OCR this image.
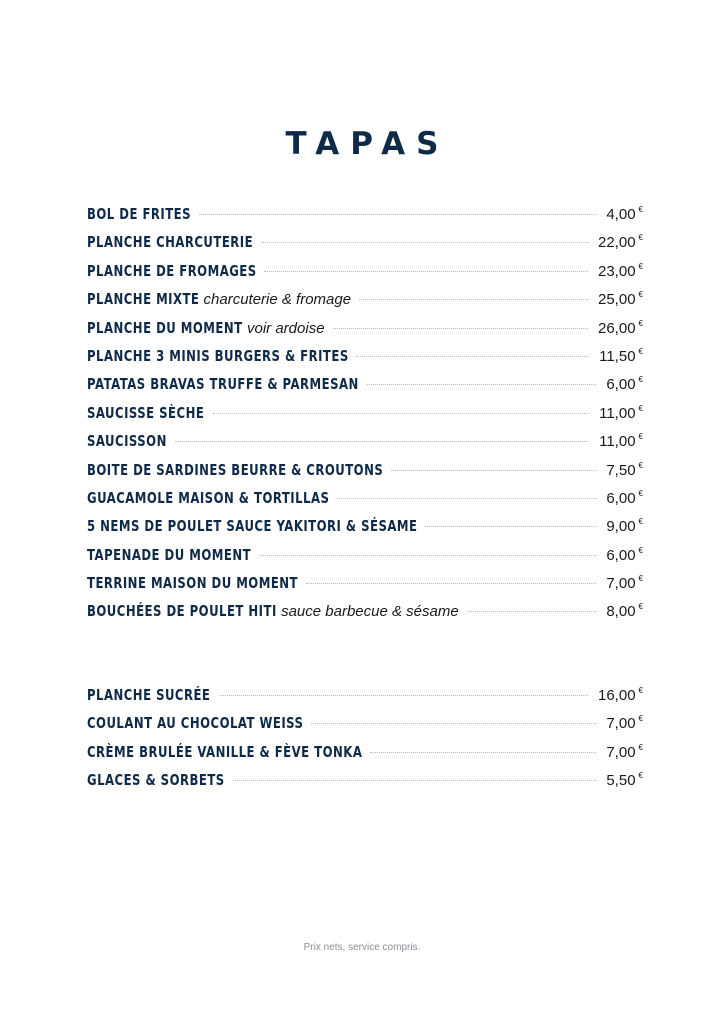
TAPAS
BOL DE FRITES	4,00 €
PLANCHE CHARCUTERIE	22,00 €
PLANCHE DE FROMAGES	23,00 €
PLANCHE MIXTE charcuterie & fromage	25,00 €
PLANCHE DU MOMENT voir ardoise	26,00 €
PLANCHE 3 MINIS BURGERS & FRITES	11,50 €
PATATAS BRAVAS TRUFFE & PARMESAN	6,00 €
SAUCISSE SÈCHE	11,00 €
SAUCISSON	11,00 €
BOITE DE SARDINES BEURRE & CROUTONS	7,50 €
GUACAMOLE MAISON & TORTILLAS	6,00 €
5 NEMS DE POULET SAUCE YAKITORI & SÉSAME	9,00 €
TAPENADE DU MOMENT	6,00 €
TERRINE MAISON DU MOMENT	7,00 €
BOUCHÉES DE POULET HITI sauce barbecue & sésame	8,00 €
PLANCHE SUCRÉE	16,00 €
COULANT AU CHOCOLAT WEISS	7,00 €
CRÈME BRULÉE VANILLE & FÈVE TONKA	7,00 €
GLACES & SORBETS	5,50 €
Prix nets, service compris.
